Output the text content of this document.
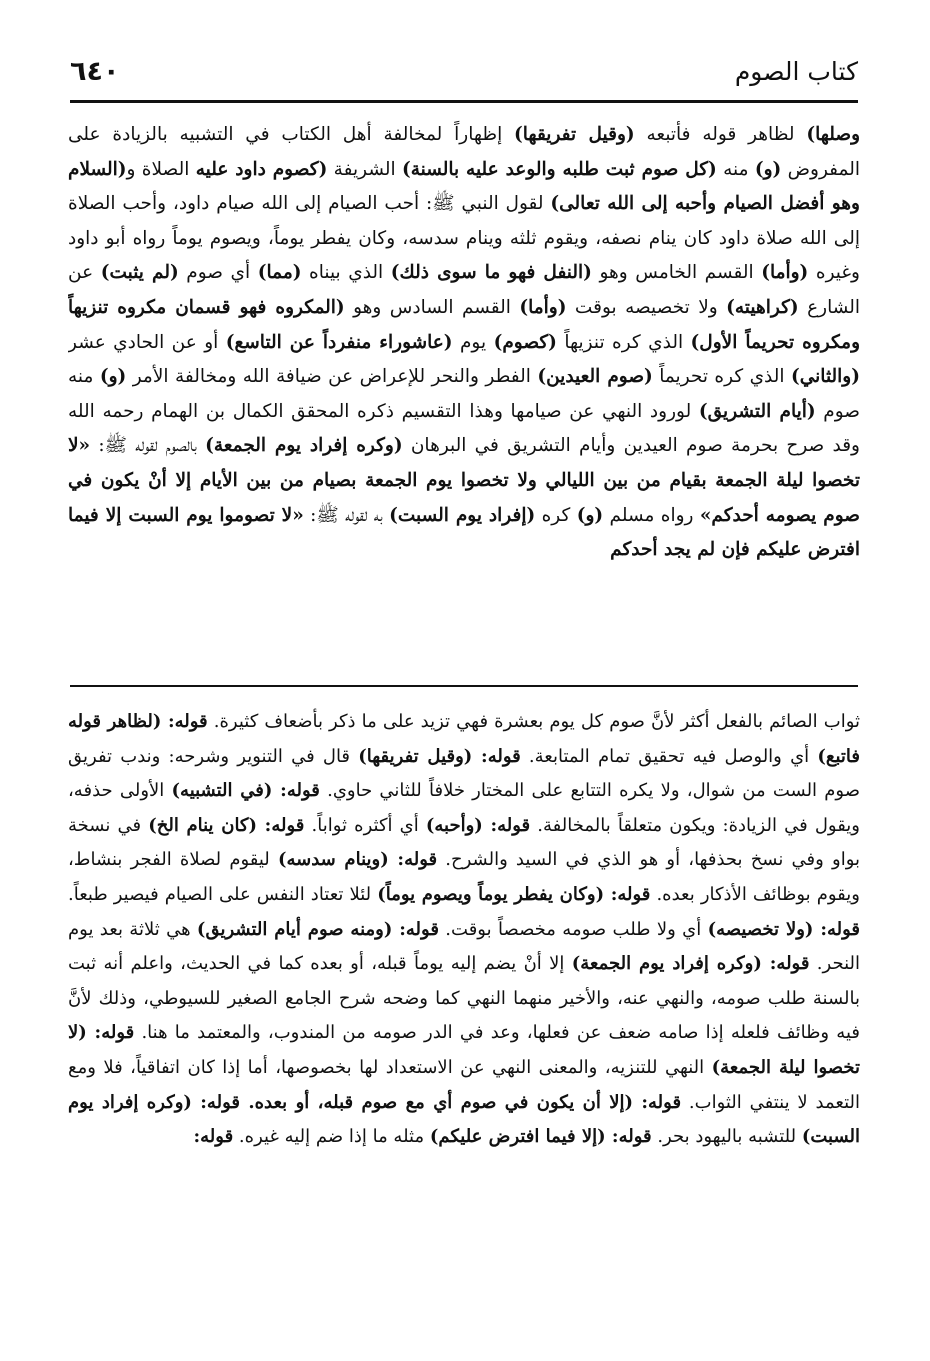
كتاب الصوم
٦٤٠

وصلها) لظاهر قوله فأتبعه (وقيل تفريقها) إظهاراً لمخالفة أهل الكتاب في التشبيه بالزيادة على المفروض (و) منه (كل صوم ثبت طلبه والوعد عليه بالسنة) الشريفة (كصوم داود عليه الصلاة و(السلام وهو أفضل الصيام وأحبه إلى الله تعالى) لقول النبي ﷺ: أحب الصيام إلى الله صيام داود، وأحب الصلاة إلى الله صلاة داود كان ينام نصفه، ويقوم ثلثه وينام سدسه، وكان يفطر يوماً، ويصوم يوماً رواه أبو داود وغيره (وأما) القسم الخامس وهو (النفل فهو ما سوى ذلك) الذي بيناه (مما) أي صوم (لم يثبت) عن الشارع (كراهيته) ولا تخصيصه بوقت (وأما) القسم السادس وهو (المكروه فهو قسمان مكروه تنزيهاً ومكروه تحريماً الأول) الذي كره تنزيهاً (كصوم) يوم (عاشوراء منفرداً عن التاسع) أو عن الحادي عشر (والثاني) الذي كره تحريماً (صوم العيدين) الفطر والنحر للإعراض عن ضيافة الله ومخالفة الأمر (و) منه صوم (أيام التشريق) لورود النهي عن صيامها وهذا التقسيم ذكره المحقق الكمال بن الهمام رحمه الله وقد صرح بحرمة صوم العيدين وأيام التشريق في البرهان (وكره إفراد يوم الجمعة) بالصوم لقوله ﷺ: «لا تخصوا ليلة الجمعة بقيام من بين الليالي ولا تخصوا يوم الجمعة بصيام من بين الأيام إلا أنْ يكون في صوم يصومه أحدكم» رواه مسلم (و) كره (إفراد يوم السبت) به لقوله ﷺ: «لا تصوموا يوم السبت إلا فيما افترض عليكم فإن لم يجد أحدكم

ثواب الصائم بالفعل أكثر لأنَّ صوم كل يوم بعشرة فهي تزيد على ما ذكر بأضعاف كثيرة. قوله: (لظاهر قوله فاتبع) أي والوصل فيه تحقيق تمام المتابعة. قوله: (وقيل تفريقها) قال في التنوير وشرحه: وندب تفريق صوم الست من شوال، ولا يكره التتابع على المختار خلافاً للثاني حاوي. قوله: (في التشبيه) الأولى حذفه، ويقول في الزيادة: ويكون متعلقاً بالمخالفة. قوله: (وأحبه) أي أكثره ثواباً. قوله: (كان ينام الخ) في نسخة بواو وفي نسخ بحذفها، أو هو الذي في السيد والشرح. قوله: (وينام سدسه) ليقوم لصلاة الفجر بنشاط، ويقوم بوظائف الأذكار بعده. قوله: (وكان يفطر يوماً ويصوم يوماً) لئلا تعتاد النفس على الصيام فيصير طبعاً. قوله: (ولا تخصيصه) أي ولا طلب صومه مخصصاً بوقت. قوله: (ومنه صوم أيام التشريق) هي ثلاثة بعد يوم النحر. قوله: (وكره إفراد يوم الجمعة) إلا أنْ يضم إليه يوماً قبله، أو بعده كما في الحديث، واعلم أنه ثبت بالسنة طلب صومه، والنهي عنه، والأخير منهما النهي كما وضحه شرح الجامع الصغير للسيوطي، وذلك لأنَّ فيه وظائف فلعله إذا صامه ضعف عن فعلها، وعد في الدر صومه من المندوب، والمعتمد ما هنا. قوله: (لا تخصوا ليلة الجمعة) النهي للتنزيه، والمعنى النهي عن الاستعداد لها بخصوصها، أما إذا كان اتفاقياً، فلا ومع التعمد لا ينتفي الثواب. قوله: (إلا أن يكون في صوم أي مع صوم قبله، أو بعده. قوله: (وكره إفراد يوم السبت) للتشبه باليهود بحر. قوله: (إلا فيما افترض عليكم) مثله ما إذا ضم إليه غيره. قوله:
